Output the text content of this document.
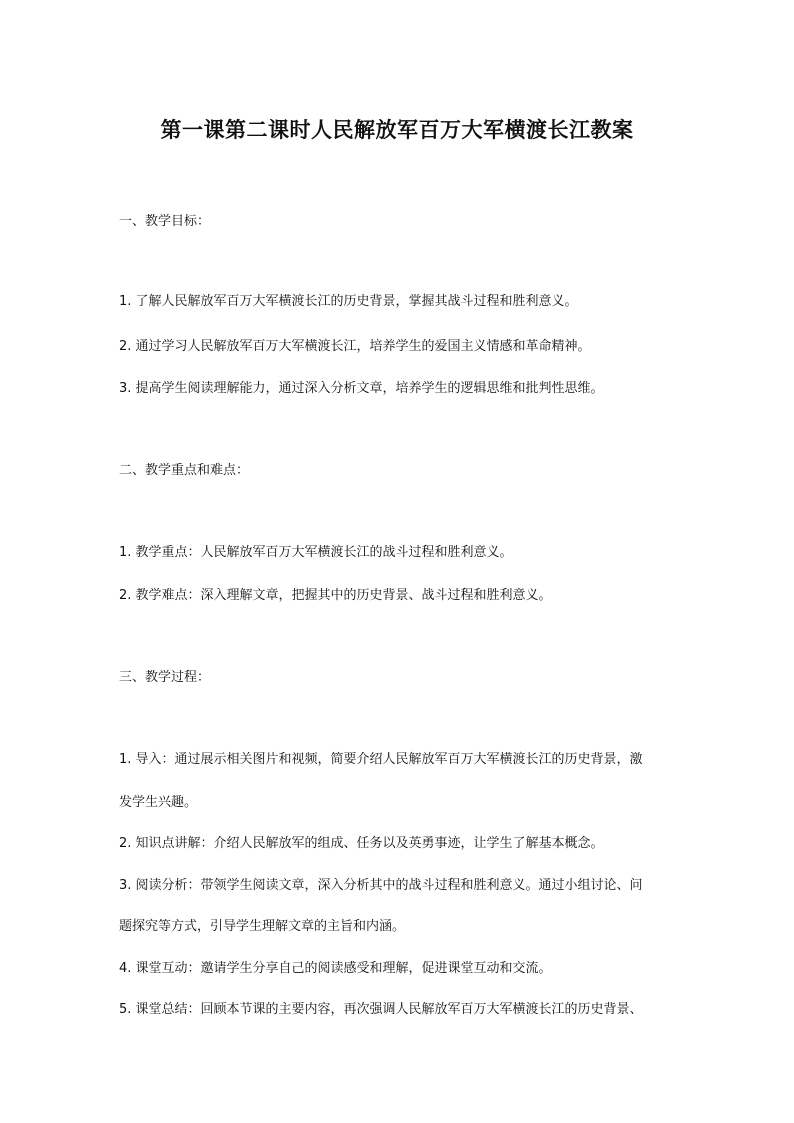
第一课第二课时人民解放军百万大军横渡长江教案
一、教学目标：
1. 了解人民解放军百万大军横渡长江的历史背景，掌握其战斗过程和胜利意义。
2. 通过学习人民解放军百万大军横渡长江，培养学生的爱国主义情感和革命精神。
3. 提高学生阅读理解能力，通过深入分析文章，培养学生的逻辑思维和批判性思维。
二、教学重点和难点：
1. 教学重点：人民解放军百万大军横渡长江的战斗过程和胜利意义。
2. 教学难点：深入理解文章，把握其中的历史背景、战斗过程和胜利意义。
三、教学过程：
1. 导入：通过展示相关图片和视频，简要介绍人民解放军百万大军横渡长江的历史背景，激
发学生兴趣。
2. 知识点讲解：介绍人民解放军的组成、任务以及英勇事迹，让学生了解基本概念。
3. 阅读分析：带领学生阅读文章，深入分析其中的战斗过程和胜利意义。通过小组讨论、问
题探究等方式，引导学生理解文章的主旨和内涵。
4. 课堂互动：邀请学生分享自己的阅读感受和理解，促进课堂互动和交流。
5. 课堂总结：回顾本节课的主要内容，再次强调人民解放军百万大军横渡长江的历史背景、
